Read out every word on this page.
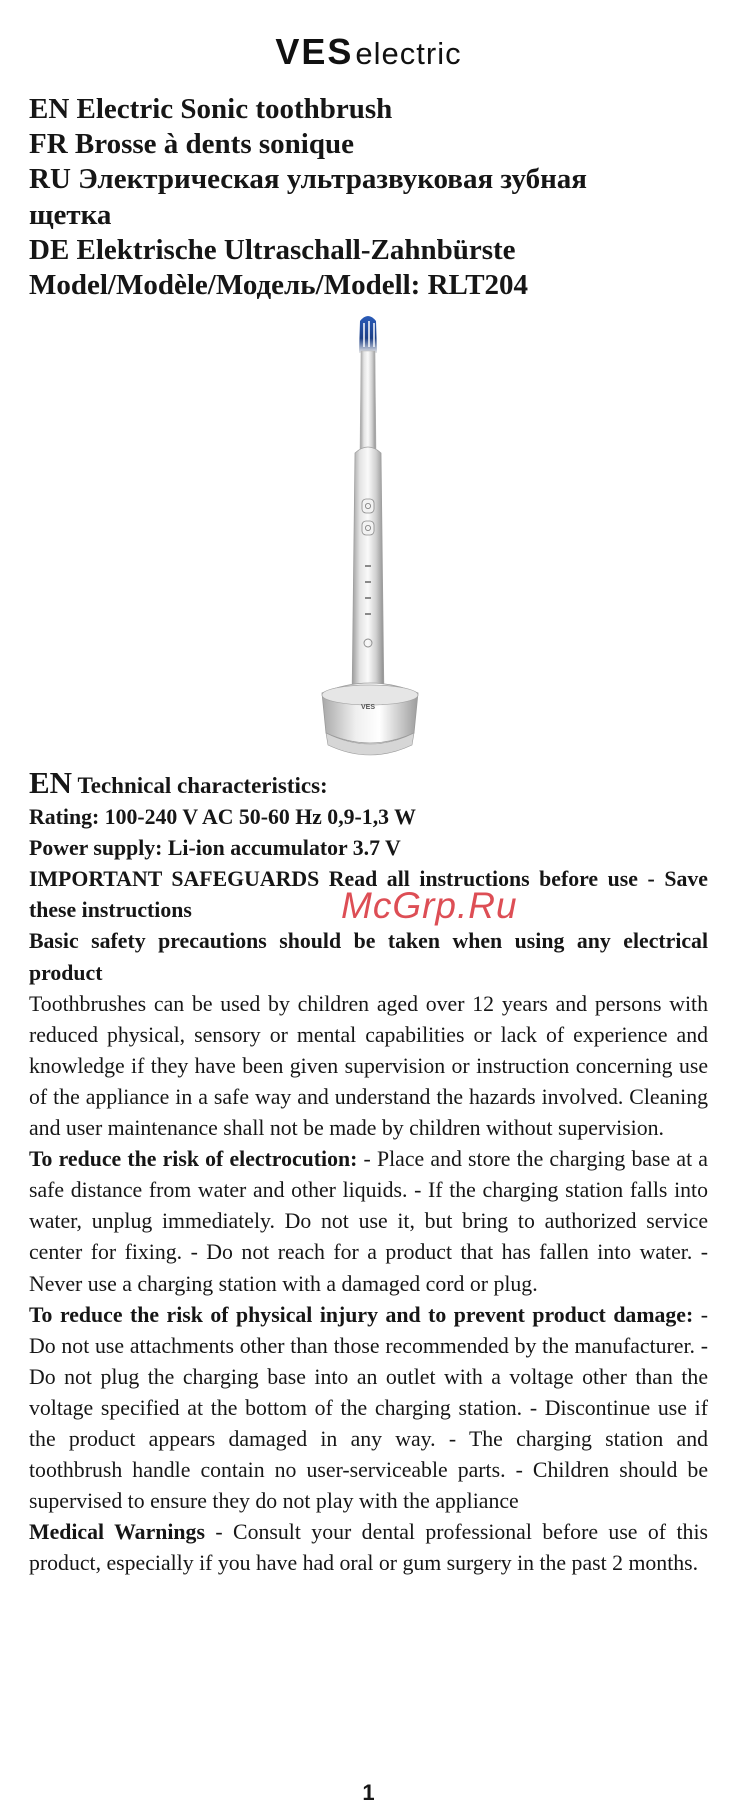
VESelectric

EN Electric Sonic toothbrush

FR Brosse à dents sonique

RU Электрическая ультразвуковая зубная

щетка

DE Elektrische Ultraschall-Zahnbürste

Model/Modèle/Модель/Modell: RLT204

VES

EN Technical characteristics:

Rating: 100-240 V AC 50-60 Hz 0,9-1,3 W

Power supply: Li-ion accumulator 3.7 V

IMPORTANT SAFEGUARDS Read all instructions before use - Save these instructions

Basic safety precautions should be taken when using any electrical product

Toothbrushes can be used by children aged over 12 years and persons with reduced physical, sensory or mental capabilities or lack of experience and knowledge if they have been given supervision or instruction concerning use of the appliance in a safe way and understand the hazards involved. Cleaning and user maintenance shall not be made by children without supervision.

To reduce the risk of electrocution: - Place and store the charging base at a safe distance from water and other liquids. - If the charging station falls into water, unplug immediately. Do not use it, but bring to authorized service center for fixing. - Do not reach for a product that has fallen into water. - Never use a charging station with a damaged cord or plug.

To reduce the risk of physical injury and to prevent product damage: - Do not use attachments other than those recommended by the manufacturer. - Do not plug the charging base into an outlet with a voltage other than the voltage specified at the bottom of the charging station. - Discontinue use if the product appears damaged in any way. - The charging station and toothbrush handle contain no user-serviceable parts. - Children should be supervised to ensure they do not play with the appliance

Medical Warnings - Consult your dental professional before use of this product, especially if you have had oral or gum surgery in the past 2 months.

McGrp.Ru
1
